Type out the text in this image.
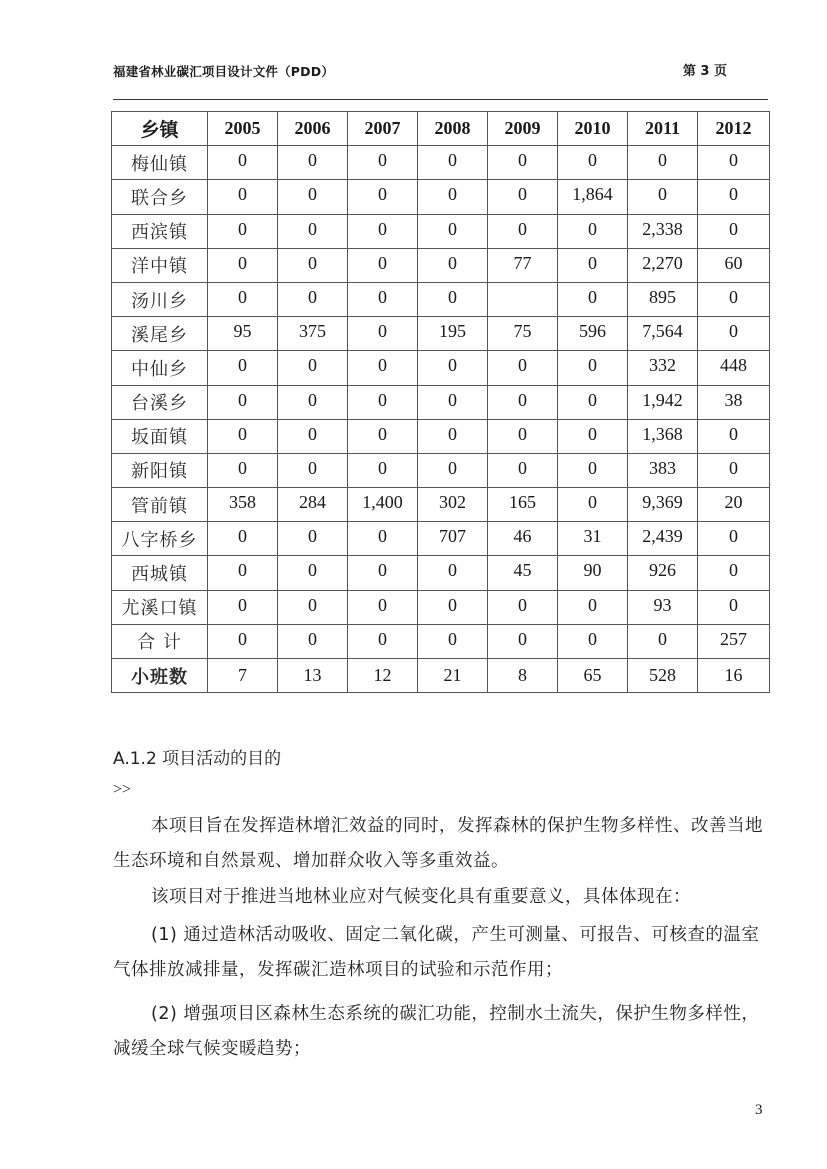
福建省林业碳汇项目设计文件（PDD）	第 3 页
乡镇	2005	2006	2007	2008	2009	2010	2011	2012
梅仙镇	0	0	0	0	0	0	0	0
联合乡	0	0	0	0	0	1,864	0	0
西滨镇	0	0	0	0	0	0	2,338	0
洋中镇	0	0	0	0	77	0	2,270	60
汤川乡	0	0	0	0		0	895	0
溪尾乡	95	375	0	195	75	596	7,564	0
中仙乡	0	0	0	0	0	0	332	448
台溪乡	0	0	0	0	0	0	1,942	38
坂面镇	0	0	0	0	0	0	1,368	0
新阳镇	0	0	0	0	0	0	383	0
管前镇	358	284	1,400	302	165	0	9,369	20
八字桥乡	0	0	0	707	46	31	2,439	0
西城镇	0	0	0	0	45	90	926	0
尤溪口镇	0	0	0	0	0	0	93	0
合 计	0	0	0	0	0	0	0	257
小班数	7	13	12	21	8	65	528	16
A.1.2 项目活动的目的
>>
本项目旨在发挥造林增汇效益的同时，发挥森林的保护生物多样性、改善当地生态环境和自然景观、增加群众收入等多重效益。
该项目对于推进当地林业应对气候变化具有重要意义，具体体现在：
(1) 通过造林活动吸收、固定二氧化碳，产生可测量、可报告、可核查的温室气体排放减排量，发挥碳汇造林项目的试验和示范作用；
(2) 增强项目区森林生态系统的碳汇功能，控制水土流失，保护生物多样性，减缓全球气候变暖趋势；
3
